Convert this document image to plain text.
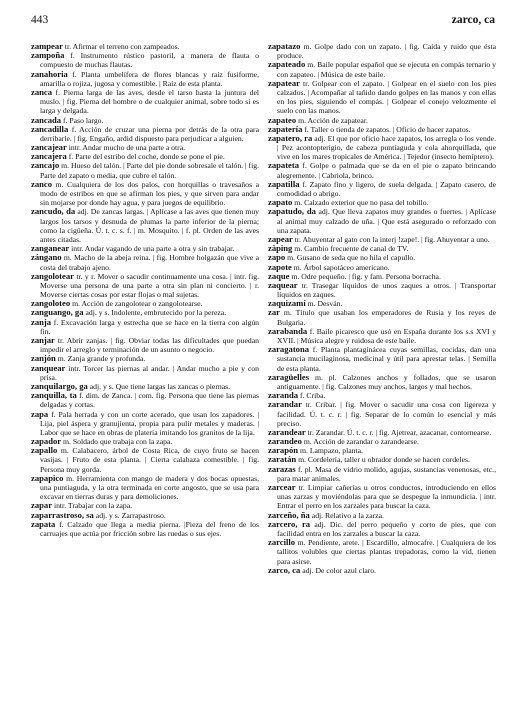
443	zarco, ca

zampear tr. Afirmar el terreno con zampeados.

zampoña f. Instrumento rústico pastoril, a manera de flauta o compuesto de muchas flautas.

zanahoria f. Planta umbelífera de flores blancas y raíz fusiforme, amarilla o rojiza, jugosa y comestible. | Raíz de esta planta.

zanca f. Pierna larga de las aves, desde el tarso hasta la juntura del muslo. | fig. Pierna del hombre o de cualquier animal, sobre todo si es larga y delgada.

zancada f. Paso largo.

zancadilla f. Acción de cruzar una pierna por detrás de la otra para derribarle. | fig. Engaño, ardid dispuesto para perjudicar a alguien.

zancajear intr. Andar mucho de una parte a otra.

zancajera f. Parte del estribo del coche, donde se pone el pie.

zancajo m. Hueso del talón. | Parte del pie donde sobresale el talón. | fig. Parte del zapato o media, que cubre el talón.

zanco m. Cualquiera de los dos palos, con horquillas o travesaños a modo de estribos en que se afirman los pies, y que sirven para andar sin mojarse por donde hay agua, y para juegos de equilibrio.

zancudo, da adj. De zancas largas. | Aplícase a las aves que tienen muy largos los tarsos y desnuda de plumas la parte inferior de la pierna; como la cigüeña. Ú. t. c. s. f. | m. Mosquito. | f. pl. Orden de las aves antes citadas.

zanganear intr. Andar vagando de una parte a otra y sin trabajar.

zángano m. Macho de la abeja reina. | fig. Hombre holgazán que vive a costa del trabajo ajeno.

zangolotear tr. y r. Mover o sacudir continuamente una cosa. | intr. fig. Moverse una persona de una parte a otra sin plan ni concierto. | r. Moverse ciertas cosas por estar flojas o mal sujetas.

zangoloteo m. Acción de zangolotear o zangolotearse.

zanguango, ga adj. y s. Indolente, embrutecido por la pereza.

zanja f. Excavación larga y estrecha que se hace en la tierra con algún fin.

zanjar tr. Abrir zanjas. | fig. Obviar todas las dificultades que puedan impedir el arreglo y terminación de un asunto o negocio.

zanjón m. Zanja grande y profunda.

zanquear intr. Torcer las piernas al andar. | Andar mucho a pie y con prisa.

zanquilargo, ga adj. y s. Que tiene largas las zancas o piernas.

zanquilla, ta f. dim. de Zanca. | com. fig. Persona que tiene las piernas delgadas y cortas.

zapa f. Pala herrada y con un corte acerado, que usan los zapadores. | Lija, piel áspera y granujienta, propia para pulir metales y maderas. | Labor que se hace en obras de platería imitando los granitos de la lija.

zapador m. Soldado que trabaja con la zapa.

zapallo m. Calabacero, árbol de Costa Rica, de cuyo fruto se hacen vasijas. | Fruto de esta planta. | Cierta calabaza comestible. | fig. Persona muy gorda.

zapapico m. Herramienta con mango de madera y dos bocas opuestas, una puntiaguda, y la otra terminada en corte angosto, que se usa para excavar en tierras duras y para demoliciones.

zapar intr. Trabajar con la zapa.

zaparrastroso, sa adj. y s. Zarrapastroso.

zapata f. Calzado que llega a media pierna. |Pieza del freno de los carruajes que actúa por fricción sobre las ruedas o sus ejes.

zapatazo m. Golpe dado con un zapato. | fig. Caída y ruido que ésta produce.

zapateado m. Baile popular español que se ejecuta en compás ternario y con zapateo. | Música de este baile.

zapatear tr. Golpear con el zapato. | Golpear en el suelo con los pies calzados. | Acompañar al tañido dando golpes en las manos y con ellas en los pies, siguiendo el compás. | Golpear el conejo velozmente el suelo con las manos.

zapateo m. Acción de zapatear.

zapatería f. Taller o tienda de zapatos. | Oficio de hacer zapatos.

zapatero, ra adj. El que por oficio hace zapatos, los arregla o los vende. | Pez acontopterigio, de cabeza puntiaguda y cola ahorquillada, que vive en los mares tropicales de América. | Tejedor (insecto hemíptero).

zapateta f. Golpe o palmada que se da en el pie o zapato brincando alegremente. | Cabriola, brinco.

zapatilla f. Zapato fino y ligero, de suela delgada. | Zapato casero, de comodidad o abrigo.

zapato m. Calzado exterior que no pasa del tobillo.

zapatudo, da adj. Que lleva zapatos muy grandes o fuertes. | Aplícase al animal muy calzado de uña. | Que está asegurado o reforzado con una zapata.

zapear tr. Ahuyentar al gato con la interj !zape!. | fig. Ahuyentar a uno.

zàping m. Cambio frecuente de canal de TV.

zapo m. Gusano de seda que no hila el capullo.

zapote m. Árbol sapotáceo americano.

zaque m. Odre pequeño. | fig. y fam. Persona borracha.

zaquear tr. Trasegar líquidos de unos zaques a otros. | Transportar líquidos en zaques.

zaquizamí m. Desván.

zar m. Título que usaban los emperadores de Rusia y los reyes de Bulgaria.

zarabanda f. Baile picaresco que usó en España durante los s.s XVI y XVII. | Música alegre y ruidosa de este baile.

zaragatona f. Planta plantagínácea cuyas semillas, cocidas, dan una sustancia mucilaginosa, medicinal y útil para aprestar telas. | Semilla de esta planta.

zaragüelles m. pl. Calzones anchos y follados, que se usaron antiguamente. | fig. Calzones muy anchos, largos y mal hechos.

zaranda f. Criba.

zarandar tr. Cribar. | fig. Mover o sacudir una cosa con ligereza y facilidad. Ú. t. c. r. | fig. Separar de lo común lo esencial y más preciso.

zarandear tr. Zarandar. Ú. t. c. r. | fig. Ajetrear, azacanar, contornearse.

zarandeo m. Acción de zarandar o zarandearse.

zarapón m. Lampazo, planta.

zaratán m. Cordelería, taller u obrador donde se hacen cordeles.

zarazas f. pl. Masa de vidrio molido, agujas, sustancias venenosas, etc., para matar animales.

zarcear tr. Limpiar cañerías u otros conductos, introduciendo en ellos unas zarzas y moviéndolas para que se despegue la inmundicia. | intr. Entrar el perro en los zarzales para buscar la caza.

zarceño, ña adj. Relativo a la zarza.

zarcero, ra adj. Dic. del perro pequeño y corto de pies, que con facilidad entra en los zarzales a buscar la caza.

zarcillo m. Pendiente, arete. | Escardillo, almocafre. | Cualquiera de los tallitos volubles que ciertas plantas trepadoras, como la vid, tienen para asirse.

zarco, ca adj. De color azul claro.
